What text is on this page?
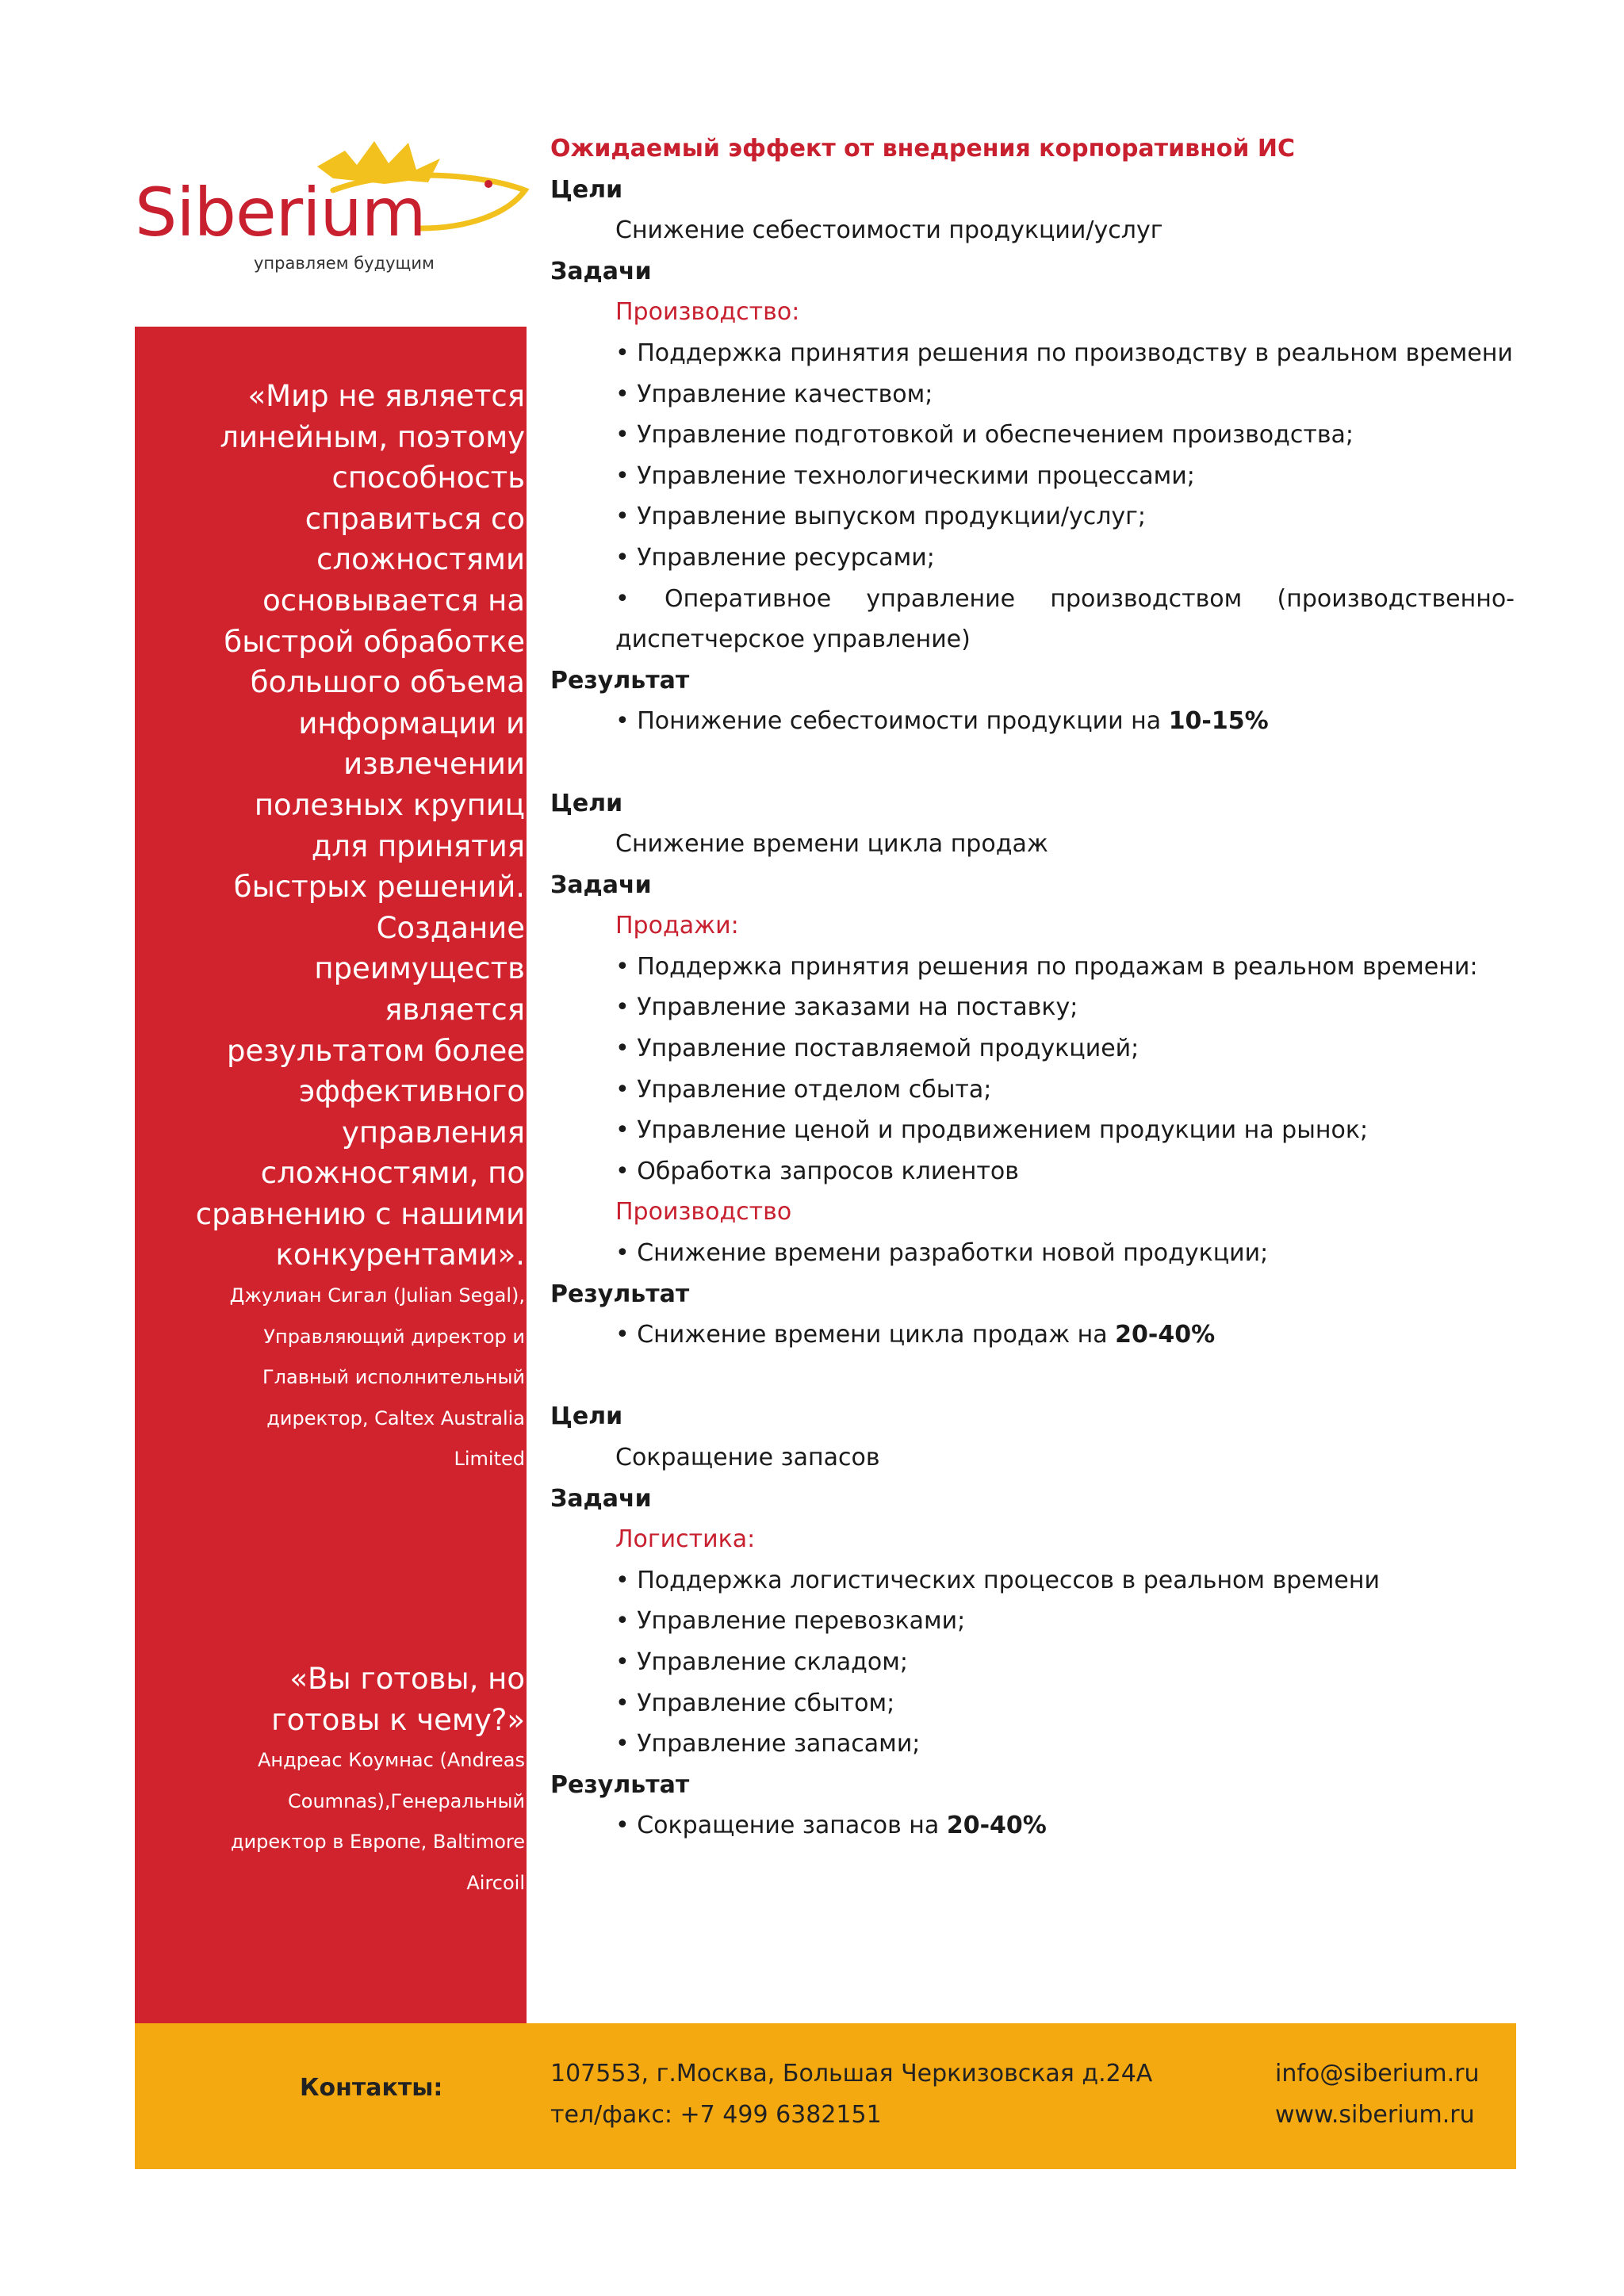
Siberium
управляем будущим

«Мир не является линейным, поэтому способность справиться со сложностями основывается на быстрой обработке большого объема информации и извлечении полезных крупиц для принятия быстрых решений. Создание преимуществ является результатом более эффективного управления сложностями, по сравнению с нашими конкурентами».

Джулиан Сигал (Julian Segal), Управляющий директор и Главный исполнительный директор, Caltex Australia Limited

«Вы готовы, но готовы к чему?»

Андреас Коумнас (Andreas Coumnas),Генеральный директор в Европе, Baltimore Aircoil

Ожидаемый эффект от внедрения корпоративной ИС

Цели

Снижение себестоимости продукции/услуг

Задачи

Производство:

• Поддержка принятия решения по производству в реальном времени

• Управление качеством;

• Управление подготовкой и обеспечением производства;

• Управление технологическими процессами;

• Управление выпуском продукции/услуг;

• Управление ресурсами;

• Оперативное управление производством (производственно-диспетчерское управление)

Результат

• Понижение себестоимости продукции на 10-15%

Цели

Снижение времени цикла продаж

Задачи

Продажи:

• Поддержка принятия решения по продажам в реальном времени:

• Управление заказами на поставку;

• Управление поставляемой продукцией;

• Управление отделом сбыта;

• Управление ценой и продвижением продукции на рынок;

• Обработка запросов клиентов

Производство

• Снижение времени разработки новой продукции;

Результат

• Снижение времени цикла продаж на 20-40%

Цели

Сокращение запасов

Задачи

Логистика:

• Поддержка логистических процессов в реальном времени

• Управление перевозками;

• Управление складом;

• Управление сбытом;

• Управление запасами;

Результат

• Сокращение запасов на 20-40%

Контакты:

107553, г.Москва, Большая Черкизовская д.24А

тел/факс: +7 499 6382151

info@siberium.ru

www.siberium.ru
